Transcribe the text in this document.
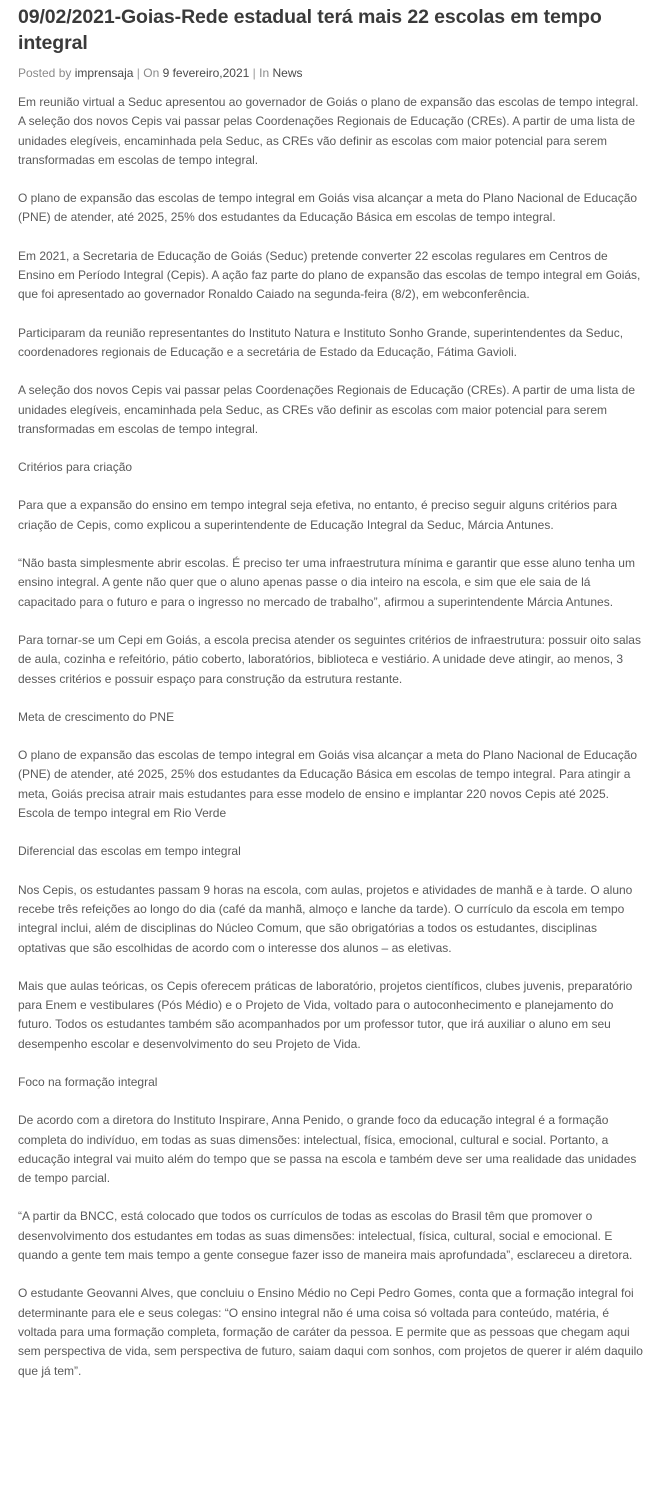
09/02/2021-Goias-Rede estadual terá mais 22 escolas em tempo integral
Posted by imprensaja | On 9 fevereiro,2021 | In News

Em reunião virtual a Seduc apresentou ao governador de Goiás o plano de expansão das escolas de tempo integral. A seleção dos novos Cepis vai passar pelas Coordenações Regionais de Educação (CREs). A partir de uma lista de unidades elegíveis, encaminhada pela Seduc, as CREs vão definir as escolas com maior potencial para serem transformadas em escolas de tempo integral.

O plano de expansão das escolas de tempo integral em Goiás visa alcançar a meta do Plano Nacional de Educação (PNE) de atender, até 2025, 25% dos estudantes da Educação Básica em escolas de tempo integral.

Em 2021, a Secretaria de Educação de Goiás (Seduc) pretende converter 22 escolas regulares em Centros de Ensino em Período Integral (Cepis). A ação faz parte do plano de expansão das escolas de tempo integral em Goiás, que foi apresentado ao governador Ronaldo Caiado na segunda-feira (8/2), em webconferência.

Participaram da reunião representantes do Instituto Natura e Instituto Sonho Grande, superintendentes da Seduc, coordenadores regionais de Educação e a secretária de Estado da Educação, Fátima Gavioli.

A seleção dos novos Cepis vai passar pelas Coordenações Regionais de Educação (CREs). A partir de uma lista de unidades elegíveis, encaminhada pela Seduc, as CREs vão definir as escolas com maior potencial para serem transformadas em escolas de tempo integral.

Critérios para criação

Para que a expansão do ensino em tempo integral seja efetiva, no entanto, é preciso seguir alguns critérios para criação de Cepis, como explicou a superintendente de Educação Integral da Seduc, Márcia Antunes.

“Não basta simplesmente abrir escolas. É preciso ter uma infraestrutura mínima e garantir que esse aluno tenha um ensino integral. A gente não quer que o aluno apenas passe o dia inteiro na escola, e sim que ele saia de lá capacitado para o futuro e para o ingresso no mercado de trabalho”, afirmou a superintendente Márcia Antunes.

Para tornar-se um Cepi em Goiás, a escola precisa atender os seguintes critérios de infraestrutura: possuir oito salas de aula, cozinha e refeitório, pátio coberto, laboratórios, biblioteca e vestiário. A unidade deve atingir, ao menos, 3 desses critérios e possuir espaço para construção da estrutura restante.

Meta de crescimento do PNE

O plano de expansão das escolas de tempo integral em Goiás visa alcançar a meta do Plano Nacional de Educação (PNE) de atender, até 2025, 25% dos estudantes da Educação Básica em escolas de tempo integral. Para atingir a meta, Goiás precisa atrair mais estudantes para esse modelo de ensino e implantar 220 novos Cepis até 2025.

Escola de tempo integral em Rio Verde

Diferencial das escolas em tempo integral

Nos Cepis, os estudantes passam 9 horas na escola, com aulas, projetos e atividades de manhã e à tarde. O aluno recebe três refeições ao longo do dia (café da manhã, almoço e lanche da tarde). O currículo da escola em tempo integral inclui, além de disciplinas do Núcleo Comum, que são obrigatórias a todos os estudantes, disciplinas optativas que são escolhidas de acordo com o interesse dos alunos – as eletivas.

Mais que aulas teóricas, os Cepis oferecem práticas de laboratório, projetos científicos, clubes juvenis, preparatório para Enem e vestibulares (Pós Médio) e o Projeto de Vida, voltado para o autoconhecimento e planejamento do futuro. Todos os estudantes também são acompanhados por um professor tutor, que irá auxiliar o aluno em seu desempenho escolar e desenvolvimento do seu Projeto de Vida.

Foco na formação integral

De acordo com a diretora do Instituto Inspirare, Anna Penido, o grande foco da educação integral é a formação completa do indivíduo, em todas as suas dimensões: intelectual, física, emocional, cultural e social. Portanto, a educação integral vai muito além do tempo que se passa na escola e também deve ser uma realidade das unidades de tempo parcial.

“A partir da BNCC, está colocado que todos os currículos de todas as escolas do Brasil têm que promover o desenvolvimento dos estudantes em todas as suas dimensões: intelectual, física, cultural, social e emocional. E quando a gente tem mais tempo a gente consegue fazer isso de maneira mais aprofundada”, esclareceu a diretora.

O estudante Geovanni Alves, que concluiu o Ensino Médio no Cepi Pedro Gomes, conta que a formação integral foi determinante para ele e seus colegas: “O ensino integral não é uma coisa só voltada para conteúdo, matéria, é voltada para uma formação completa, formação de caráter da pessoa. E permite que as pessoas que chegam aqui sem perspectiva de vida, sem perspectiva de futuro, saiam daqui com sonhos, com projetos de querer ir além daquilo que já tem”.
